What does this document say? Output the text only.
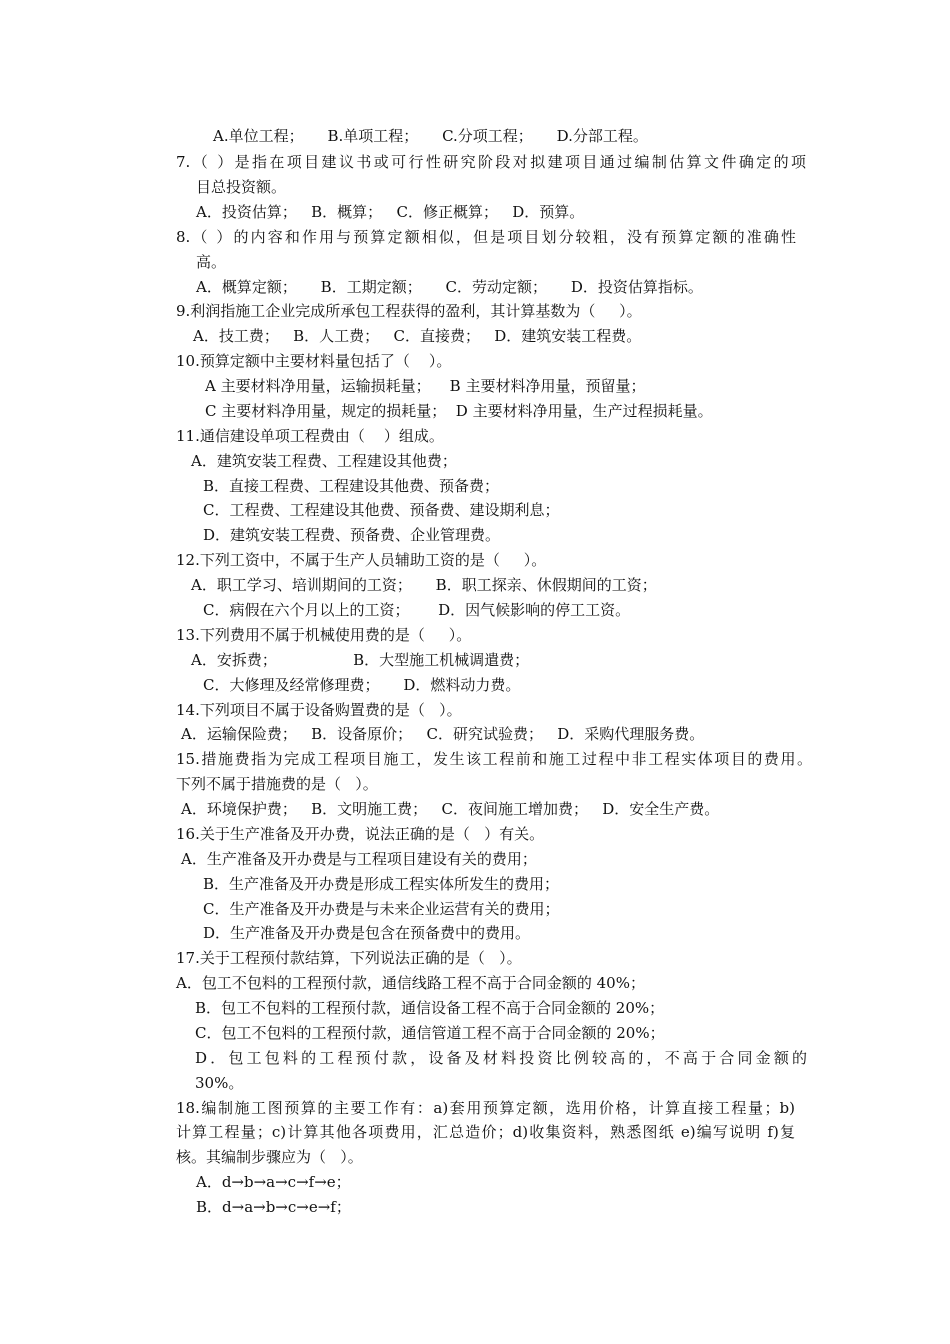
A.单位工程；     B.单项工程；     C.分项工程；     D.分部工程。
7.（ ）是指在项目建议书或可行性研究阶段对拟建项目通过编制估算文件确定的项
目总投资额。
A．投资估算；   B．概算；   C．修正概算；   D．预算。
8.（ ）的内容和作用与预算定额相似，但是项目划分较粗，没有预算定额的准确性
高。
A．概算定额；     B．工期定额；     C．劳动定额；     D．投资估算指标。
9.利润指施工企业完成所承包工程获得的盈利，其计算基数为（     ）。
A．技工费；   B．人工费；   C．直接费；   D．建筑安装工程费。
10.预算定额中主要材料量包括了（    ）。
A 主要材料净用量，运输损耗量；    B 主要材料净用量，预留量；
C 主要材料净用量，规定的损耗量；  D 主要材料净用量，生产过程损耗量。
11.通信建设单项工程费由（    ）组成。
A．建筑安装工程费、工程建设其他费；
B．直接工程费、工程建设其他费、预备费；
C．工程费、工程建设其他费、预备费、建设期利息；
D．建筑安装工程费、预备费、企业管理费。
12.下列工资中，不属于生产人员辅助工资的是（     ）。
A．职工学习、培训期间的工资；     B．职工探亲、休假期间的工资；
C．病假在六个月以上的工资；      D．因气候影响的停工工资。
13.下列费用不属于机械使用费的是（     ）。
A．安拆费；                B．大型施工机械调遣费；
C．大修理及经常修理费；     D．燃料动力费。
14.下列项目不属于设备购置费的是（   ）。
A．运输保险费；   B．设备原价；   C．研究试验费；   D．采购代理服务费。
15.措施费指为完成工程项目施工，发生该工程前和施工过程中非工程实体项目的费用。
下列不属于措施费的是（   ）。
A．环境保护费；   B．文明施工费；   C．夜间施工增加费；   D．安全生产费。
16.关于生产准备及开办费，说法正确的是（   ）有关。
A．生产准备及开办费是与工程项目建设有关的费用；
B．生产准备及开办费是形成工程实体所发生的费用；
C．生产准备及开办费是与未来企业运营有关的费用；
D．生产准备及开办费是包含在预备费中的费用。
17.关于工程预付款结算，下列说法正确的是（   ）。
A．包工不包料的工程预付款，通信线路工程不高于合同金额的 40%；
B．包工不包料的工程预付款，通信设备工程不高于合同金额的 20%；
C．包工不包料的工程预付款，通信管道工程不高于合同金额的 20%；
D．包工包料的工程预付款，设备及材料投资比例较高的，不高于合同金额的
30%。
18.编制施工图预算的主要工作有：a)套用预算定额，选用价格，计算直接工程量；b)
计算工程量；c)计算其他各项费用，汇总造价；d)收集资料，熟悉图纸 e)编写说明 f)复
核。其编制步骤应为（   ）。
A．d→b→a→c→f→e；
B．d→a→b→c→e→f；
